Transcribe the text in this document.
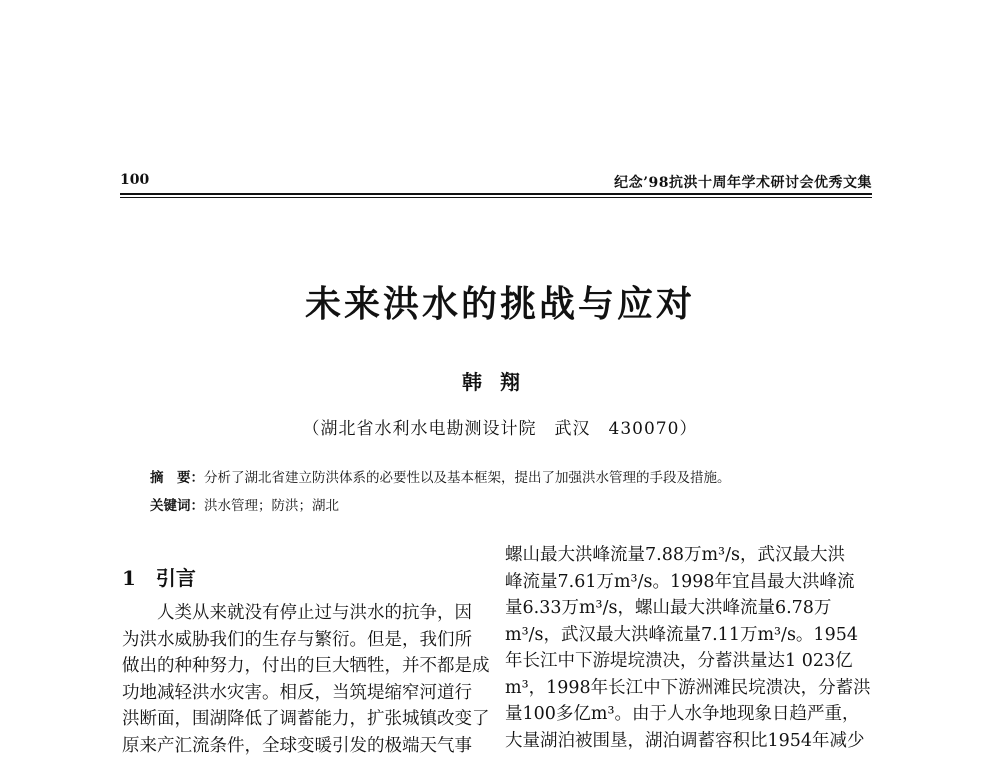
100	纪念’98抗洪十周年学术研讨会优秀文集
未来洪水的挑战与应对
韩翔
（湖北省水利水电勘测设计院　武汉　430070）
摘　要：分析了湖北省建立防洪体系的必要性以及基本框架，提出了加强洪水管理的手段及措施。
关键词：洪水管理；防洪；湖北
1　引言
人类从来就没有停止过与洪水的抗争，因
为洪水威胁我们的生存与繁衍。但是，我们所
做出的种种努力，付出的巨大牺牲，并不都是成
功地减轻洪水灾害。相反，当筑堤缩窄河道行
洪断面，围湖降低了调蓄能力，扩张城镇改变了
原来产汇流条件，全球变暖引发的极端天气事
螺山最大洪峰流量7.88万m³/s，武汉最大洪
峰流量7.61万m³/s。1998年宜昌最大洪峰流
量6.33万m³/s，螺山最大洪峰流量6.78万
m³/s，武汉最大洪峰流量7.11万m³/s。1954
年长江中下游堤垸溃决，分蓄洪量达1 023亿
m³，1998年长江中下游洲滩民垸溃决，分蓄洪
量100多亿m³。由于人水争地现象日趋严重，
大量湖泊被围垦，湖泊调蓄容积比1954年减少
